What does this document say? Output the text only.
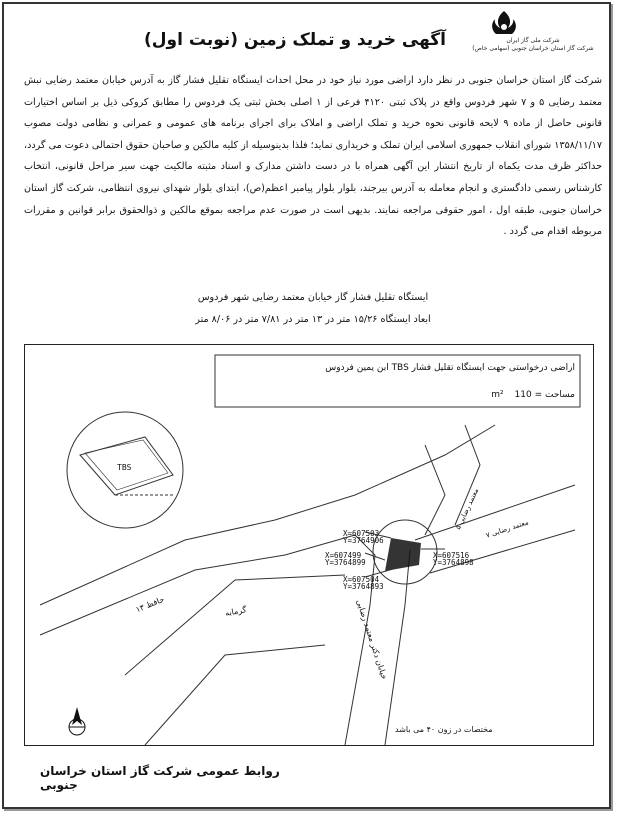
شرکت ملی گاز ایران
شرکت گاز استان خراسان جنوبی (سهامی خاص)
آگهی خرید و تملک زمین (نوبت اول)

شرکت گاز استان خراسان جنوبی در نظر دارد اراضی مورد نیاز خود در محل احداث ایستگاه تقلیل فشار گاز به آدرس خیابان معتمد رضایی نبش معتمد رضایی ۵ و ۷ شهر فردوس واقع در پلاک ثبتی ۴۱۲۰ فرعی از ۱ اصلی بخش ثبتی یک فردوس را مطابق کروکی ذیل بر اساس اختیارات قانونی حاصل از ماده ۹ لایحه قانونی نحوه خرید و تملک اراضی و املاک برای اجرای برنامه های عمومی و عمرانی و نظامی دولت مصوب ۱۳۵۸/۱۱/۱۷ شورای انقلاب جمهوری اسلامی ایران تملک و خریداری نماید؛ فلذا بدینوسیله از کلیه مالکین و صاحبان حقوق احتمالی دعوت می گردد، حداکثر ظرف مدت یکماه از تاریخ انتشار این آگهی همراه با در دست داشتن مدارک و اسناد مثبته مالکیت جهت سیر مراحل قانونی، انتخاب کارشناس رسمی دادگستری و انجام معامله به آدرس بیرجند، بلوار بلوار پیامبر اعظم(ص)، ابتدای بلوار شهدای نیروی انتظامی، شرکت گاز استان خراسان جنوبی، طبقه اول ، امور حقوقی مراجعه نمایند. بدیهی است در صورت عدم مراجعه بموقع مالکین و ذوالحقوق برابر قوانین و مقررات مربوطه اقدام می گردد .

ایستگاه تقلیل فشار گاز خیابان معتمد رضایی شهر فردوس
ابعاد ایستگاه ۱۵/۲۶ متر در ۱۳ متر در ۷/۸۱ متر در ۸/۰۶ متر
اراضی درخواستی جهت ایستگاه تقلیل فشار TBS ابن یمین فردوس
مساحت = m² 110
TBS
X=607503
Y=3764906
X=607499
Y=3764899
X=607516
Y=3764898
X=607504
Y=3764893
حافظ ۱۳
گرمابه	خیابان دکتر معتمد رضایی
معتمد رضایی ۵
معتمد رضایی ۷
مختصات در زون ۴۰ می باشد
روابط عمومی شرکت گاز استان خراسان جنوبی
